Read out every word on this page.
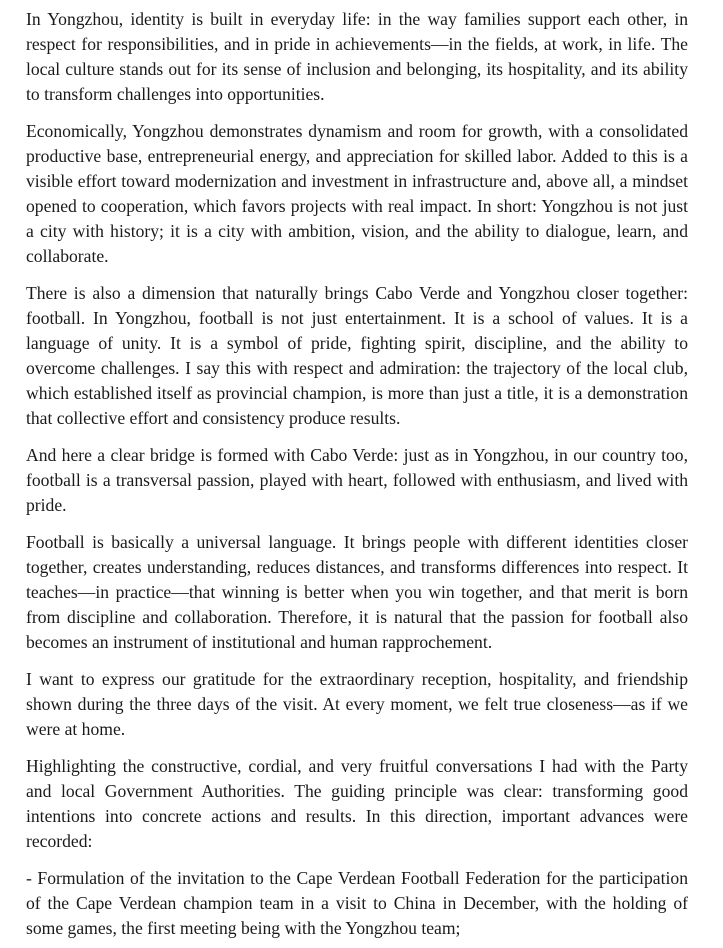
In Yongzhou, identity is built in everyday life: in the way families support each other, in respect for responsibilities, and in pride in achievements—in the fields, at work, in life. The local culture stands out for its sense of inclusion and belonging, its hospitality, and its ability to transform challenges into opportunities.

Economically, Yongzhou demonstrates dynamism and room for growth, with a consolidated productive base, entrepreneurial energy, and appreciation for skilled labor. Added to this is a visible effort toward modernization and investment in infrastructure and, above all, a mindset opened to cooperation, which favors projects with real impact. In short: Yongzhou is not just a city with history; it is a city with ambition, vision, and the ability to dialogue, learn, and collaborate.

There is also a dimension that naturally brings Cabo Verde and Yongzhou closer together: football. In Yongzhou, football is not just entertainment. It is a school of values. It is a language of unity. It is a symbol of pride, fighting spirit, discipline, and the ability to overcome challenges. I say this with respect and admiration: the trajectory of the local club, which established itself as provincial champion, is more than just a title, it is a demonstration that collective effort and consistency produce results.

And here a clear bridge is formed with Cabo Verde: just as in Yongzhou, in our country too, football is a transversal passion, played with heart, followed with enthusiasm, and lived with pride.

Football is basically a universal language. It brings people with different identities closer together, creates understanding, reduces distances, and transforms differences into respect. It teaches—in practice—that winning is better when you win together, and that merit is born from discipline and collaboration. Therefore, it is natural that the passion for football also becomes an instrument of institutional and human rapprochement.

I want to express our gratitude for the extraordinary reception, hospitality, and friendship shown during the three days of the visit. At every moment, we felt true closeness—as if we were at home.

Highlighting the constructive, cordial, and very fruitful conversations I had with the Party and local Government Authorities. The guiding principle was clear: transforming good intentions into concrete actions and results. In this direction, important advances were recorded:

- Formulation of the invitation to the Cape Verdean Football Federation for the participation of the Cape Verdean champion team in a visit to China in December, with the holding of some games, the first meeting being with the Yongzhou team;
